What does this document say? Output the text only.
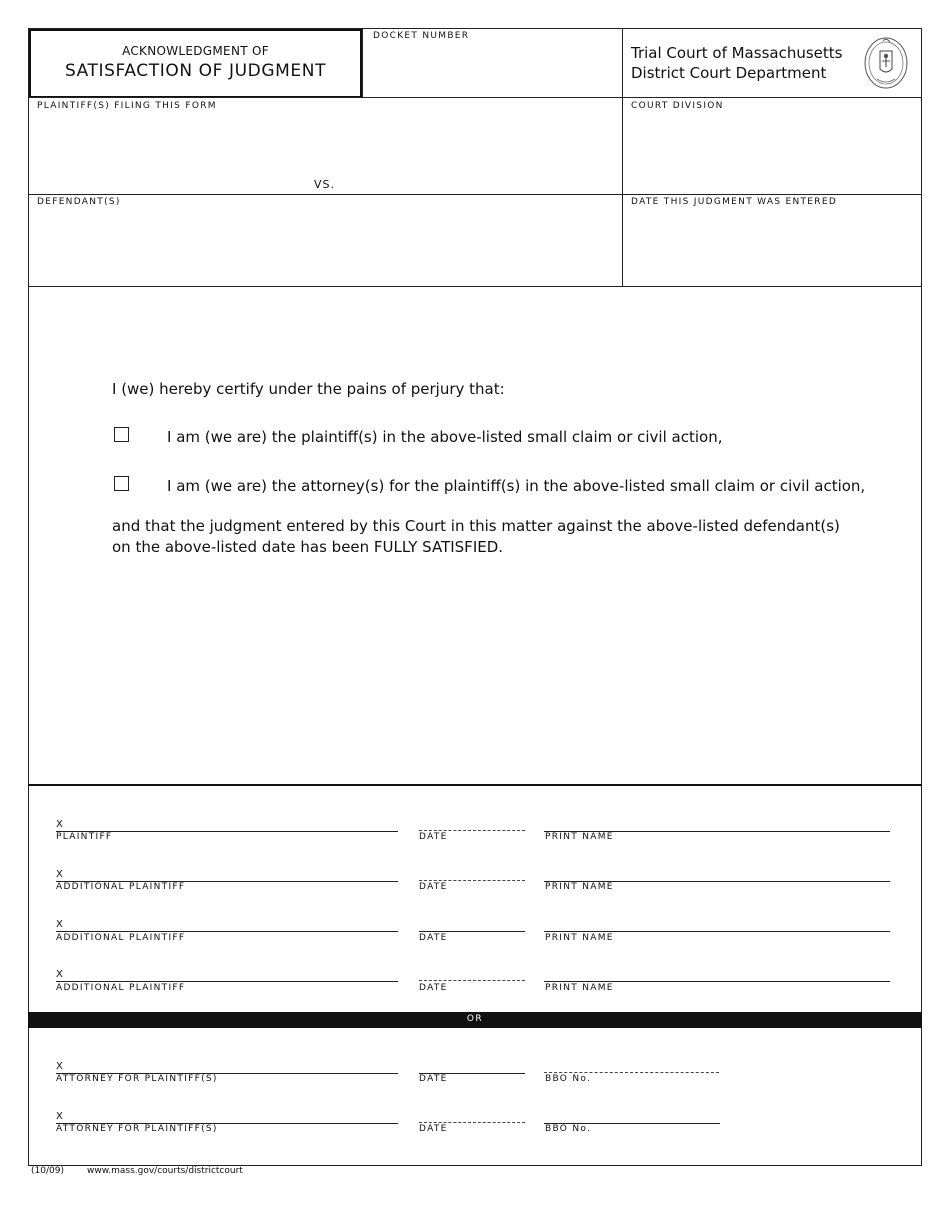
ACKNOWLEDGMENT OF
SATISFACTION OF JUDGMENT
DOCKET NUMBER
Trial Court of Massachusetts
District Court Department
PLAINTIFF(S) FILING THIS FORM
VS.
COURT DIVISION
DEFENDANT(S)	DATE THIS JUDGMENT WAS ENTERED
I (we) hereby certify under the pains of perjury that:
I am (we are) the plaintiff(s) in the above-listed small claim or civil action,
I am (we are) the attorney(s) for the plaintiff(s) in the above-listed small claim or civil action,
and that the judgment entered by this Court in this matter against the above-listed defendant(s)
on the above-listed date has been FULLY SATISFIED.
X
PLAINTIFF	DATE	PRINT NAME
X
ADDITIONAL PLAINTIFF	DATE	PRINT NAME
X
ADDITIONAL PLAINTIFF	DATE	PRINT NAME
X
ADDITIONAL PLAINTIFF	DATE	PRINT NAME
OR
X
ATTORNEY FOR PLAINTIFF(S)	DATE	BBO No.
X
ATTORNEY FOR PLAINTIFF(S)	DATE	BBO No.
(10/09)	www.mass.gov/courts/districtcourt
